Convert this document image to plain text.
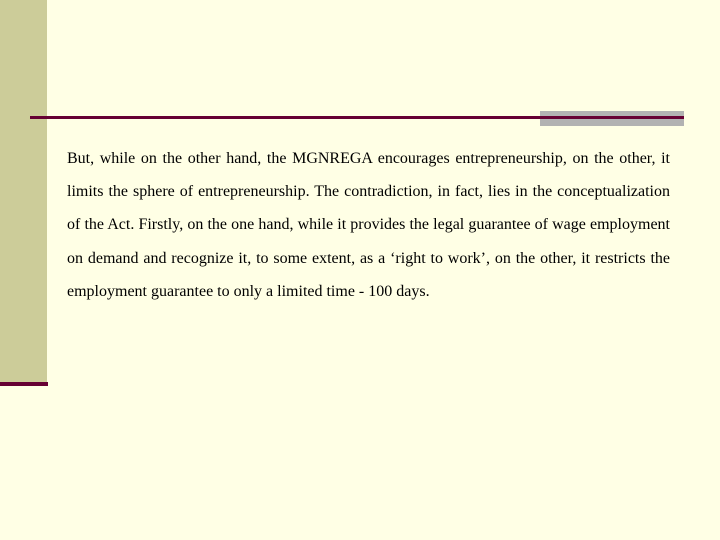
But, while on the other hand, the MGNREGA encourages entrepreneurship, on the other, it limits the sphere of entrepreneurship. The contradiction, in fact, lies in the conceptualization of the Act. Firstly, on the one hand, while it provides the legal guarantee of wage employment on demand and recognize it, to some extent, as a ‘right to work’, on the other, it restricts the employment guarantee to only a limited time - 100 days.
